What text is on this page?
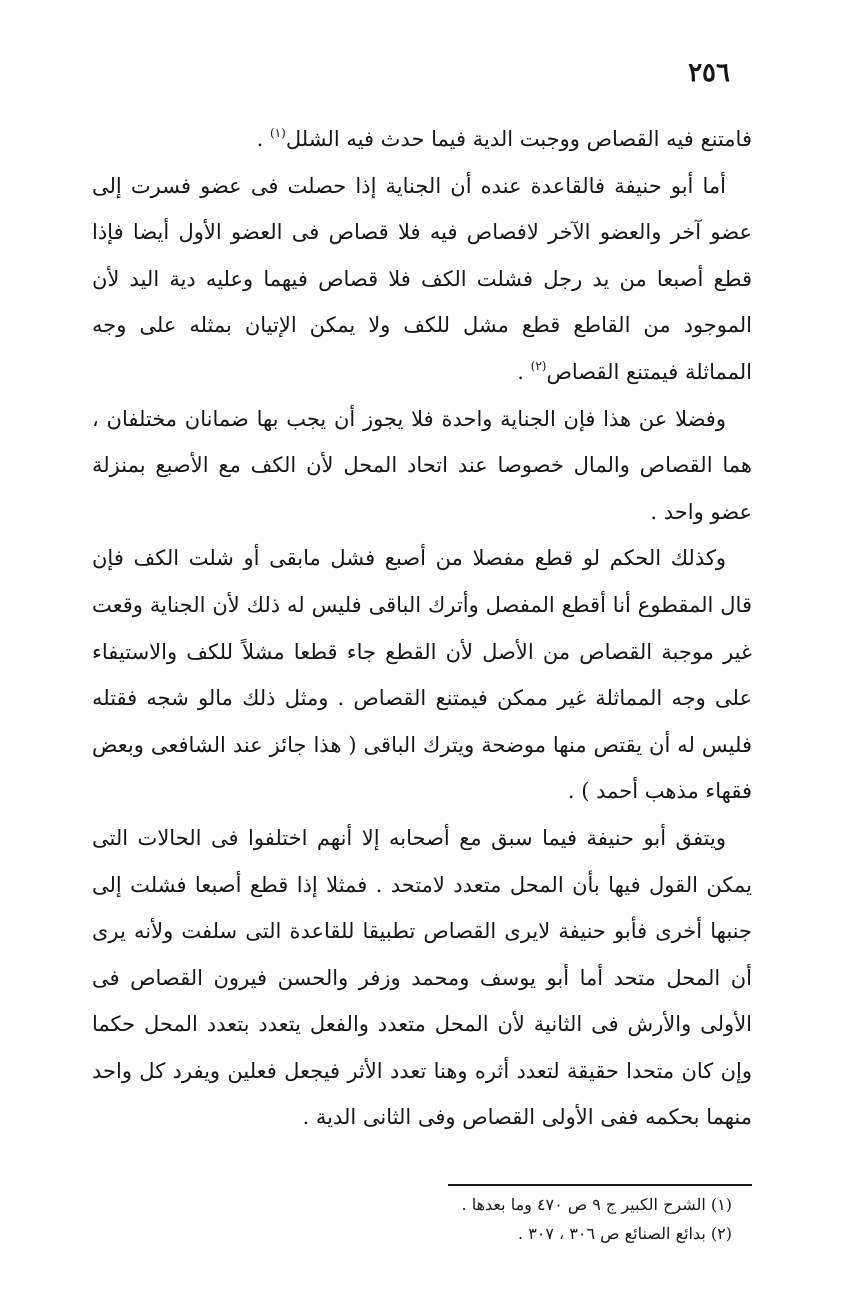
٢٥٦

فامتنع فيه القصاص ووجبت الدية فيما حدث فيه الشلل$^{(١)}$ .

أما أبو حنيفة فالقاعدة عنده أن الجناية إذا حصلت فى عضو فسرت إلى عضو آخر والعضو الآخر لافصاص فيه فلا قصاص فى العضو الأول أيضا فإذا قطع أصبعا من يد رجل فشلت الكف فلا قصاص فيهما وعليه دية اليد لأن الموجود من القاطع قطع مشل للكف ولا يمكن الإتيان بمثله على وجه المماثلة فيمتنع القصاص$^{(٢)}$ .

وفضلا عن هذا فإن الجناية واحدة فلا يجوز أن يجب بها ضمانان مختلفان ، هما القصاص والمال خصوصا عند اتحاد المحل لأن الكف مع الأصبع بمنزلة عضو واحد .

وكذلك الحكم لو قطع مفصلا من أصبع فشل مابقى أو شلت الكف فإن قال المقطوع أنا أقطع المفصل وأترك الباقى فليس له ذلك لأن الجناية وقعت غير موجبة القصاص من الأصل لأن القطع جاء قطعا مشلاً للكف والاستيفاء على وجه المماثلة غير ممكن فيمتنع القصاص . ومثل ذلك مالو شجه فقتله فليس له أن يقتص منها موضحة ويترك الباقى ( هذا جائز عند الشافعى وبعض فقهاء مذهب أحمد ) .

ويتفق أبو حنيفة فيما سبق مع أصحابه إلا أنهم اختلفوا فى الحالات التى يمكن القول فيها بأن المحل متعدد لامتحد . فمثلا إذا قطع أصبعا فشلت إلى جنبها أخرى فأبو حنيفة لايرى القصاص تطبيقا للقاعدة التى سلفت ولأنه يرى أن المحل متحد أما أبو يوسف ومحمد وزفر والحسن فيرون القصاص فى الأولى والأرش فى الثانية لأن المحل متعدد والفعل يتعدد بتعدد المحل حكما وإن كان متحدا حقيقة لتعدد أثره وهنا تعدد الأثر فيجعل فعلين ويفرد كل واحد منهما بحكمه ففى الأولى القصاص وفى الثانى الدية .

(١) الشرح الكبير ج ٩ ص ٤٧٠ وما بعدها .

(٢) بدائع الصنائع ص ٣٠٦ ، ٣٠٧ .
